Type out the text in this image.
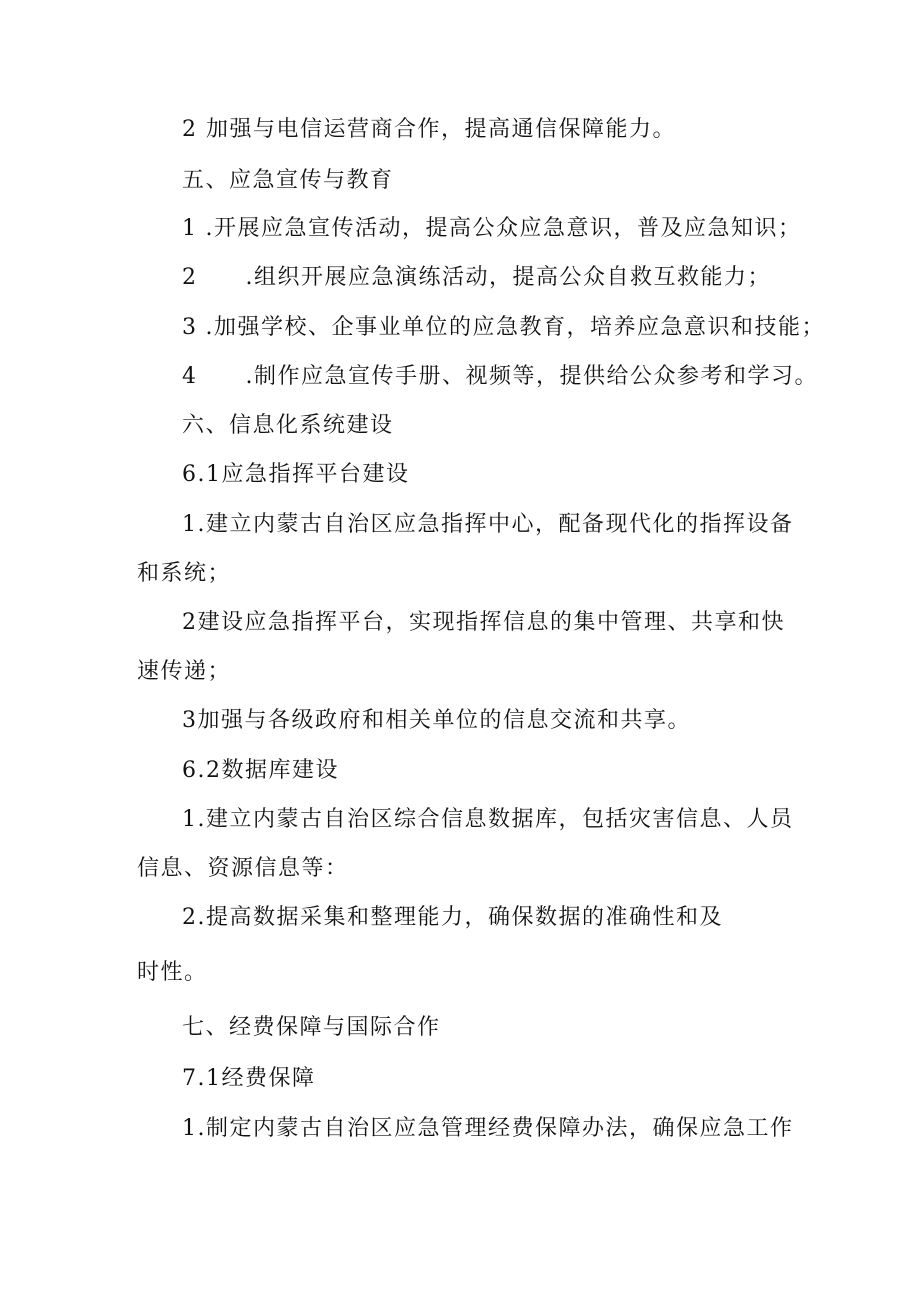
2 加强与电信运营商合作，提高通信保障能力。
五、应急宣传与教育
1 .开展应急宣传活动，提高公众应急意识，普及应急知识；
2 .组织开展应急演练活动，提高公众自救互救能力；
3 .加强学校、企事业单位的应急教育，培养应急意识和技能；
4 .制作应急宣传手册、视频等，提供给公众参考和学习。
六、信息化系统建设
6.1应急指挥平台建设
1.建立内蒙古自治区应急指挥中心，配备现代化的指挥设备
和系统；
2建设应急指挥平台，实现指挥信息的集中管理、共享和快
速传递；
3加强与各级政府和相关单位的信息交流和共享。
6.2数据库建设
1.建立内蒙古自治区综合信息数据库，包括灾害信息、人员
信息、资源信息等：
2.提高数据采集和整理能力，确保数据的准确性和及
时性。
七、经费保障与国际合作
7.1经费保障
1.制定内蒙古自治区应急管理经费保障办法，确保应急工作
